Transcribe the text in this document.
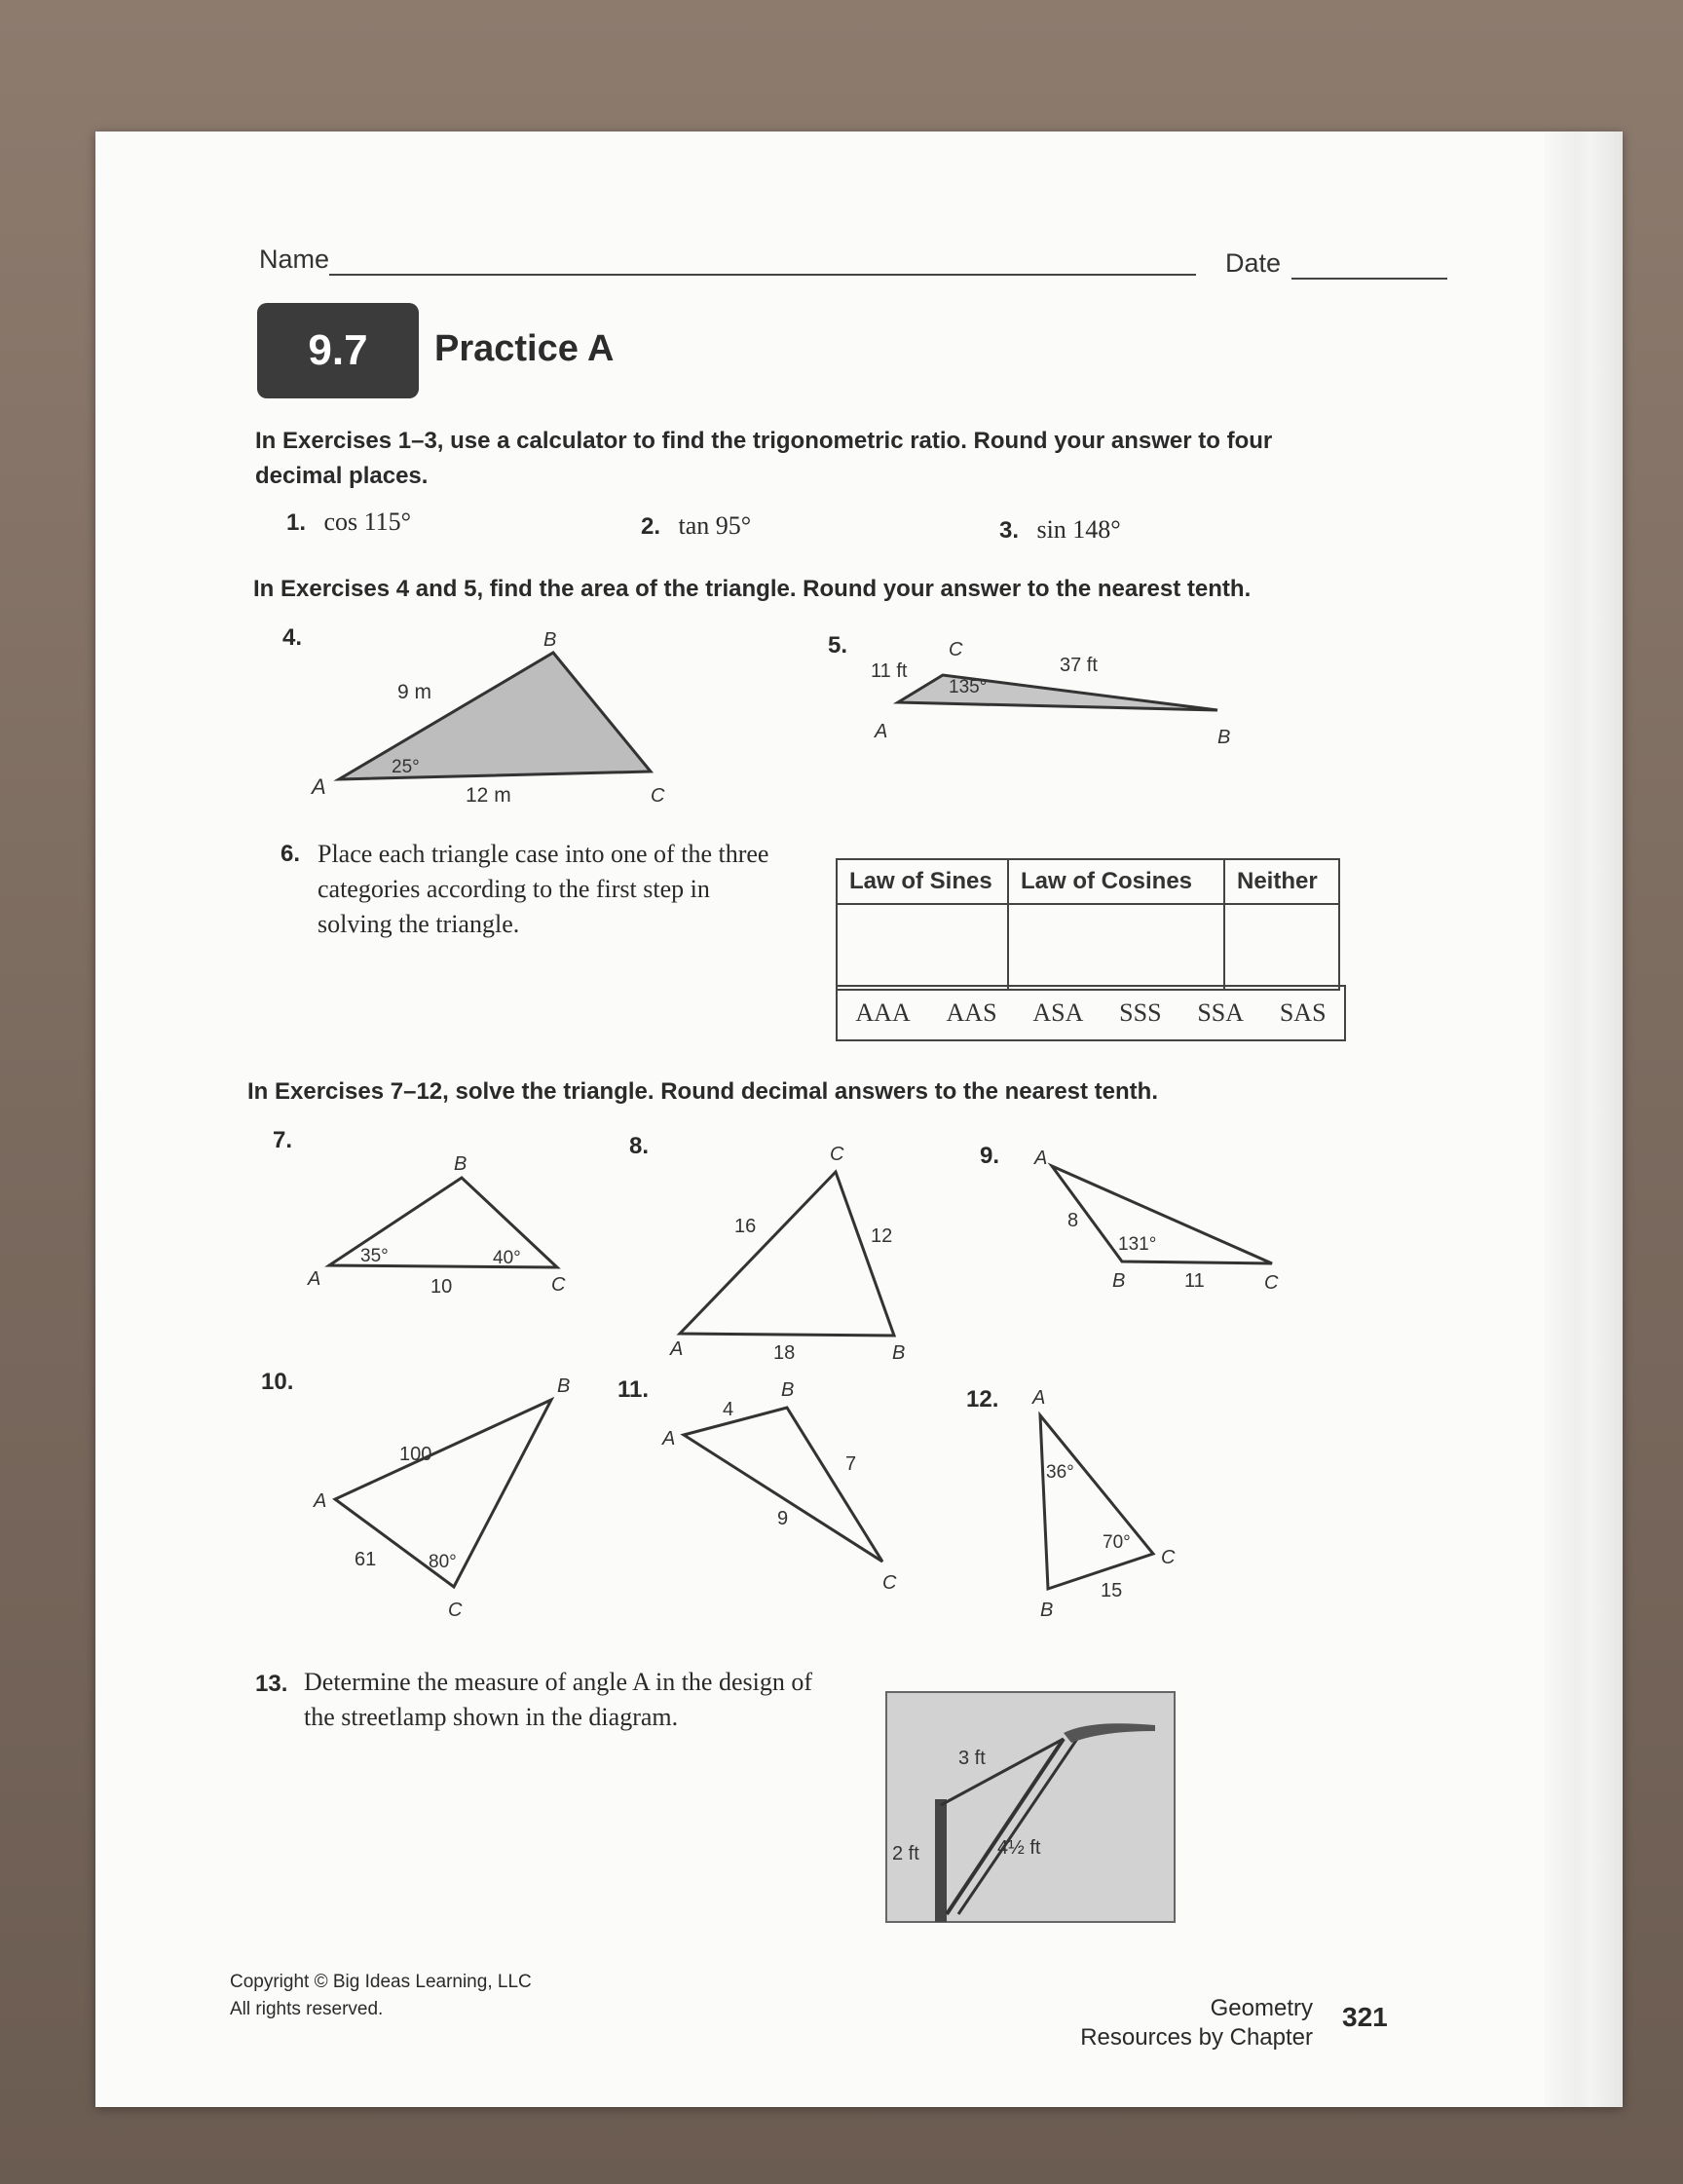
Name	Date
9.7	Practice A
In Exercises 1–3, use a calculator to find the trigonometric ratio. Round your answer to four decimal places.
1. cos 115°	2. tan 95°	3. sin 148°
In Exercises 4 and 5, find the area of the triangle. Round your answer to the nearest tenth.
4.
A
B
C
9 m
12 m
25°
5.
A	B
C
11 ft	37 ft
135°
6. Place each triangle case into one of the three categories according to the first step in solving the triangle.
Law of Sines	Law of Cosines	Neither

AAA AAS ASA SSS SSA SAS
In Exercises 7–12, solve the triangle. Round decimal answers to the nearest tenth.
7.
A
B
C
35°	40°
10
8.
A	B
C
16	12
18
9. A
B	C
8
131°
11
10.
A
B
C
100
61	80°
11.
A
B
C
4
7
9
12. A
B
C
36°
70°
15
13. Determine the measure of angle A in the design of the streetlamp shown in the diagram.
3 ft
4½ ft
2 ft
Copyright © Big Ideas Learning, LLC
All rights reserved.	Geometry
Resources by Chapter
321
